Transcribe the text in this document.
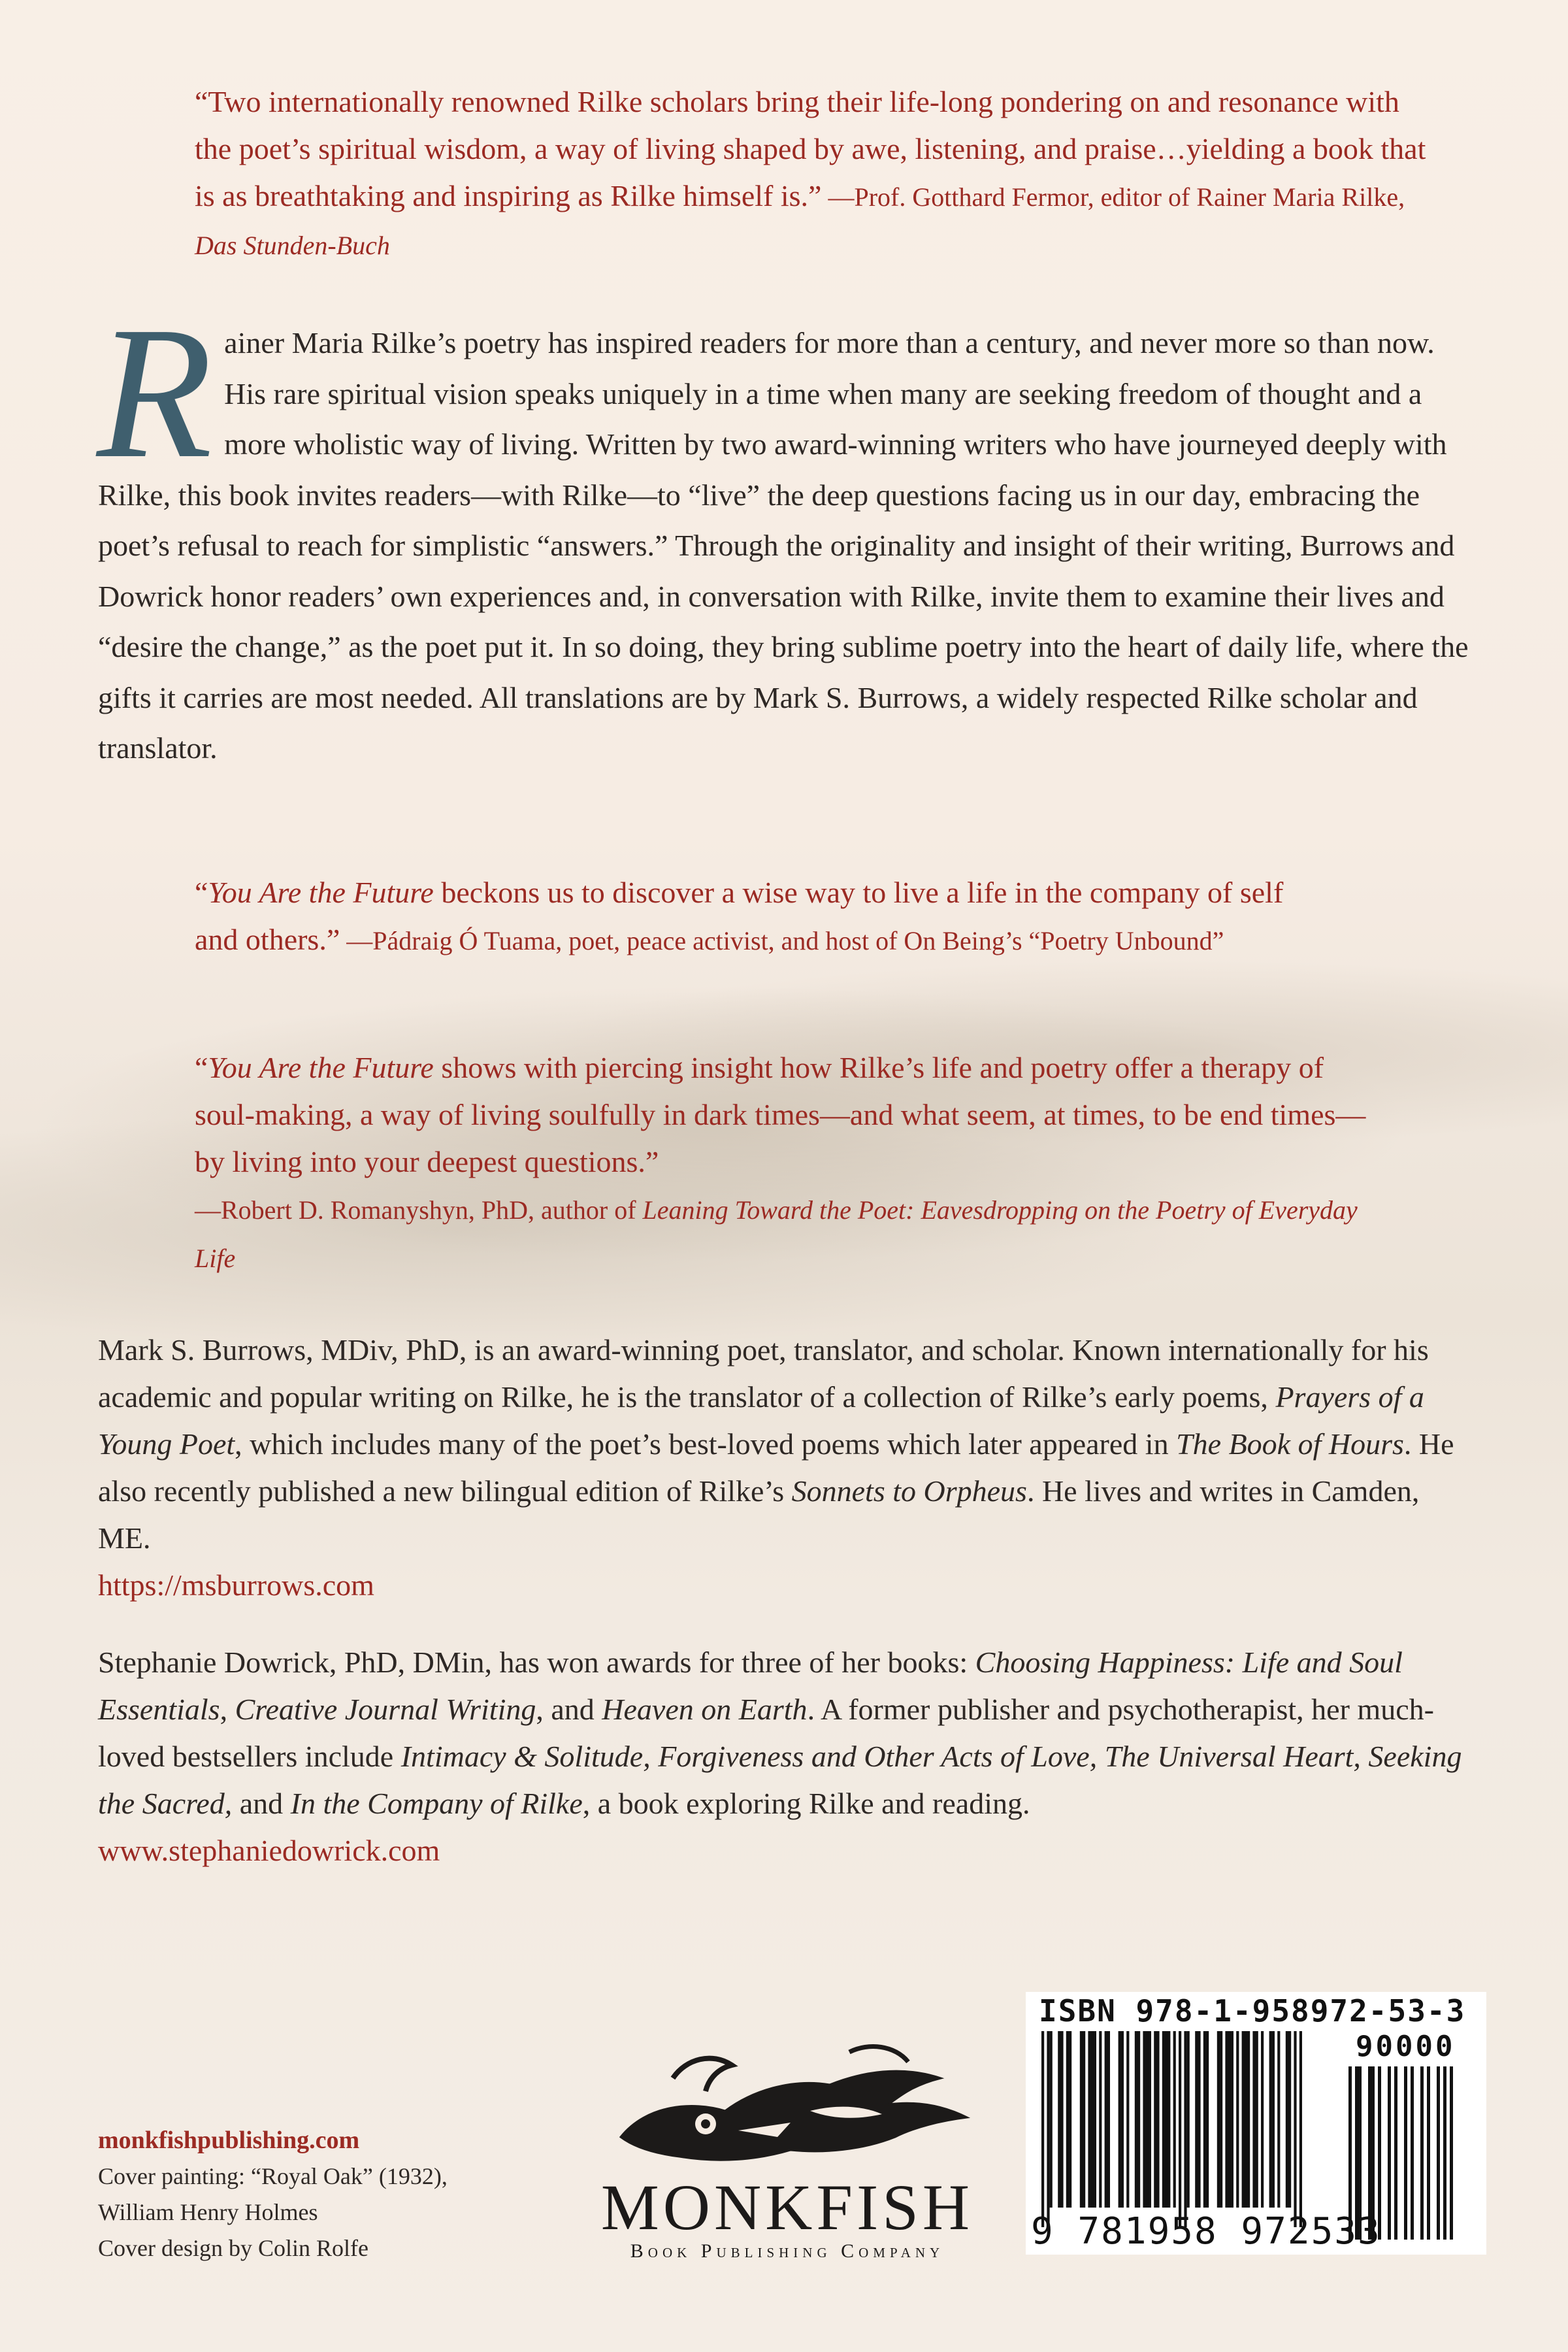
“Two internationally renowned Rilke scholars bring their life-long pondering on and resonance with the poet’s spiritual wisdom, a way of living shaped by awe, listening, and praise…yielding a book that is as breathtaking and inspiring as Rilke himself is.” —Prof. Gotthard Fermor, editor of Rainer Maria Rilke, Das Stunden-Buch
Rainer Maria Rilke’s poetry has inspired readers for more than a century, and never more so than now. His rare spiritual vision speaks uniquely in a time when many are seeking freedom of thought and a more wholistic way of living. Written by two award-winning writers who have journeyed deeply with Rilke, this book invites readers—with Rilke—to “live” the deep questions facing us in our day, embracing the poet’s refusal to reach for simplistic “answers.” Through the originality and insight of their writing, Burrows and Dowrick honor readers’ own experiences and, in conversation with Rilke, invite them to examine their lives and “desire the change,” as the poet put it. In so doing, they bring sublime poetry into the heart of daily life, where the gifts it carries are most needed. All translations are by Mark S. Burrows, a widely respected Rilke scholar and translator.
“You Are the Future beckons us to discover a wise way to live a life in the company of self and others.” —Pádraig Ó Tuama, poet, peace activist, and host of On Being’s “Poetry Unbound”
“You Are the Future shows with piercing insight how Rilke’s life and poetry offer a therapy of soul-making, a way of living soulfully in dark times—and what seem, at times, to be end times—by living into your deepest questions.”
—Robert D. Romanyshyn, PhD, author of Leaning Toward the Poet: Eavesdropping on the Poetry of Everyday Life
Mark S. Burrows, MDiv, PhD, is an award-winning poet, translator, and scholar. Known internationally for his academic and popular writing on Rilke, he is the translator of a collection of Rilke’s early poems, Prayers of a Young Poet, which includes many of the poet’s best-loved poems which later appeared in The Book of Hours. He also recently published a new bilingual edition of Rilke’s Sonnets to Orpheus. He lives and writes in Camden, ME.
https://msburrows.com
Stephanie Dowrick, PhD, DMin, has won awards for three of her books: Choosing Happiness: Life and Soul Essentials, Creative Journal Writing, and Heaven on Earth. A former publisher and psychotherapist, her much-loved bestsellers include Intimacy & Solitude, Forgiveness and Other Acts of Love, The Universal Heart, Seeking the Sacred, and In the Company of Rilke, a book exploring Rilke and reading.
www.stephaniedowrick.com
monkfishpublishing.com
Cover painting: “Royal Oak” (1932),
William Henry Holmes
Cover design by Colin Rolfe
MONKFISH
Book Publishing Company
ISBN 978-1-958972-53-3
90000
9 781958 972533
